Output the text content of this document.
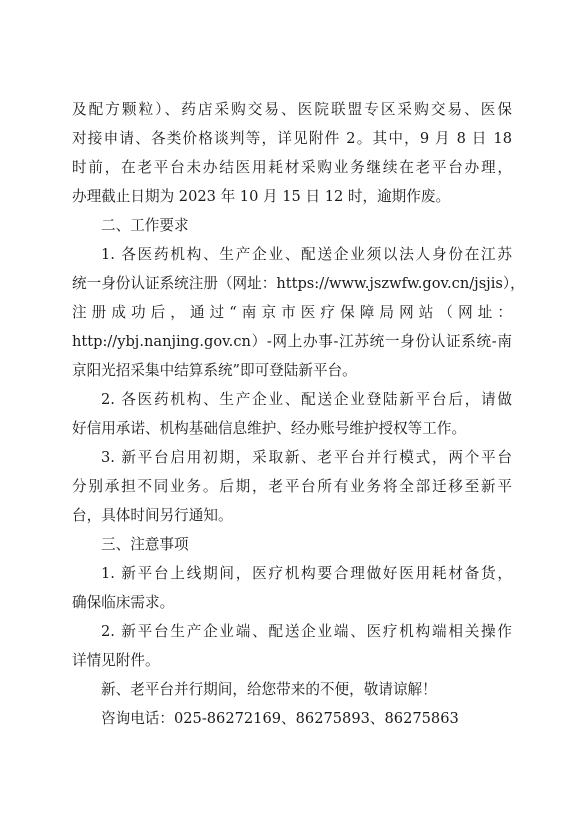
及配方颗粒）、药店采购交易、医院联盟专区采购交易、医保
对接申请、各类价格谈判等，详见附件 2。其中，9 月 8 日 18
时前，在老平台未办结医用耗材采购业务继续在老平台办理，
办理截止日期为 2023 年 10 月 15 日 12 时，逾期作废。
二、工作要求
1. 各医药机构、生产企业、配送企业须以法人身份在江苏
统一身份认证系统注册（网址：https://www.jszwfw.gov.cn/jsjis），
注册成功后，通过“南京市医疗保障局网站（网址：
http://ybj.nanjing.gov.cn）-网上办事-江苏统一身份认证系统-南
京阳光招采集中结算系统”即可登陆新平台。
2. 各医药机构、生产企业、配送企业登陆新平台后，请做
好信用承诺、机构基础信息维护、经办账号维护授权等工作。
3. 新平台启用初期，采取新、老平台并行模式，两个平台
分别承担不同业务。后期，老平台所有业务将全部迁移至新平
台，具体时间另行通知。
三、注意事项
1. 新平台上线期间，医疗机构要合理做好医用耗材备货，
确保临床需求。
2. 新平台生产企业端、配送企业端、医疗机构端相关操作
详情见附件。
新、老平台并行期间，给您带来的不便，敬请谅解！
咨询电话：025-86272169、86275893、86275863
